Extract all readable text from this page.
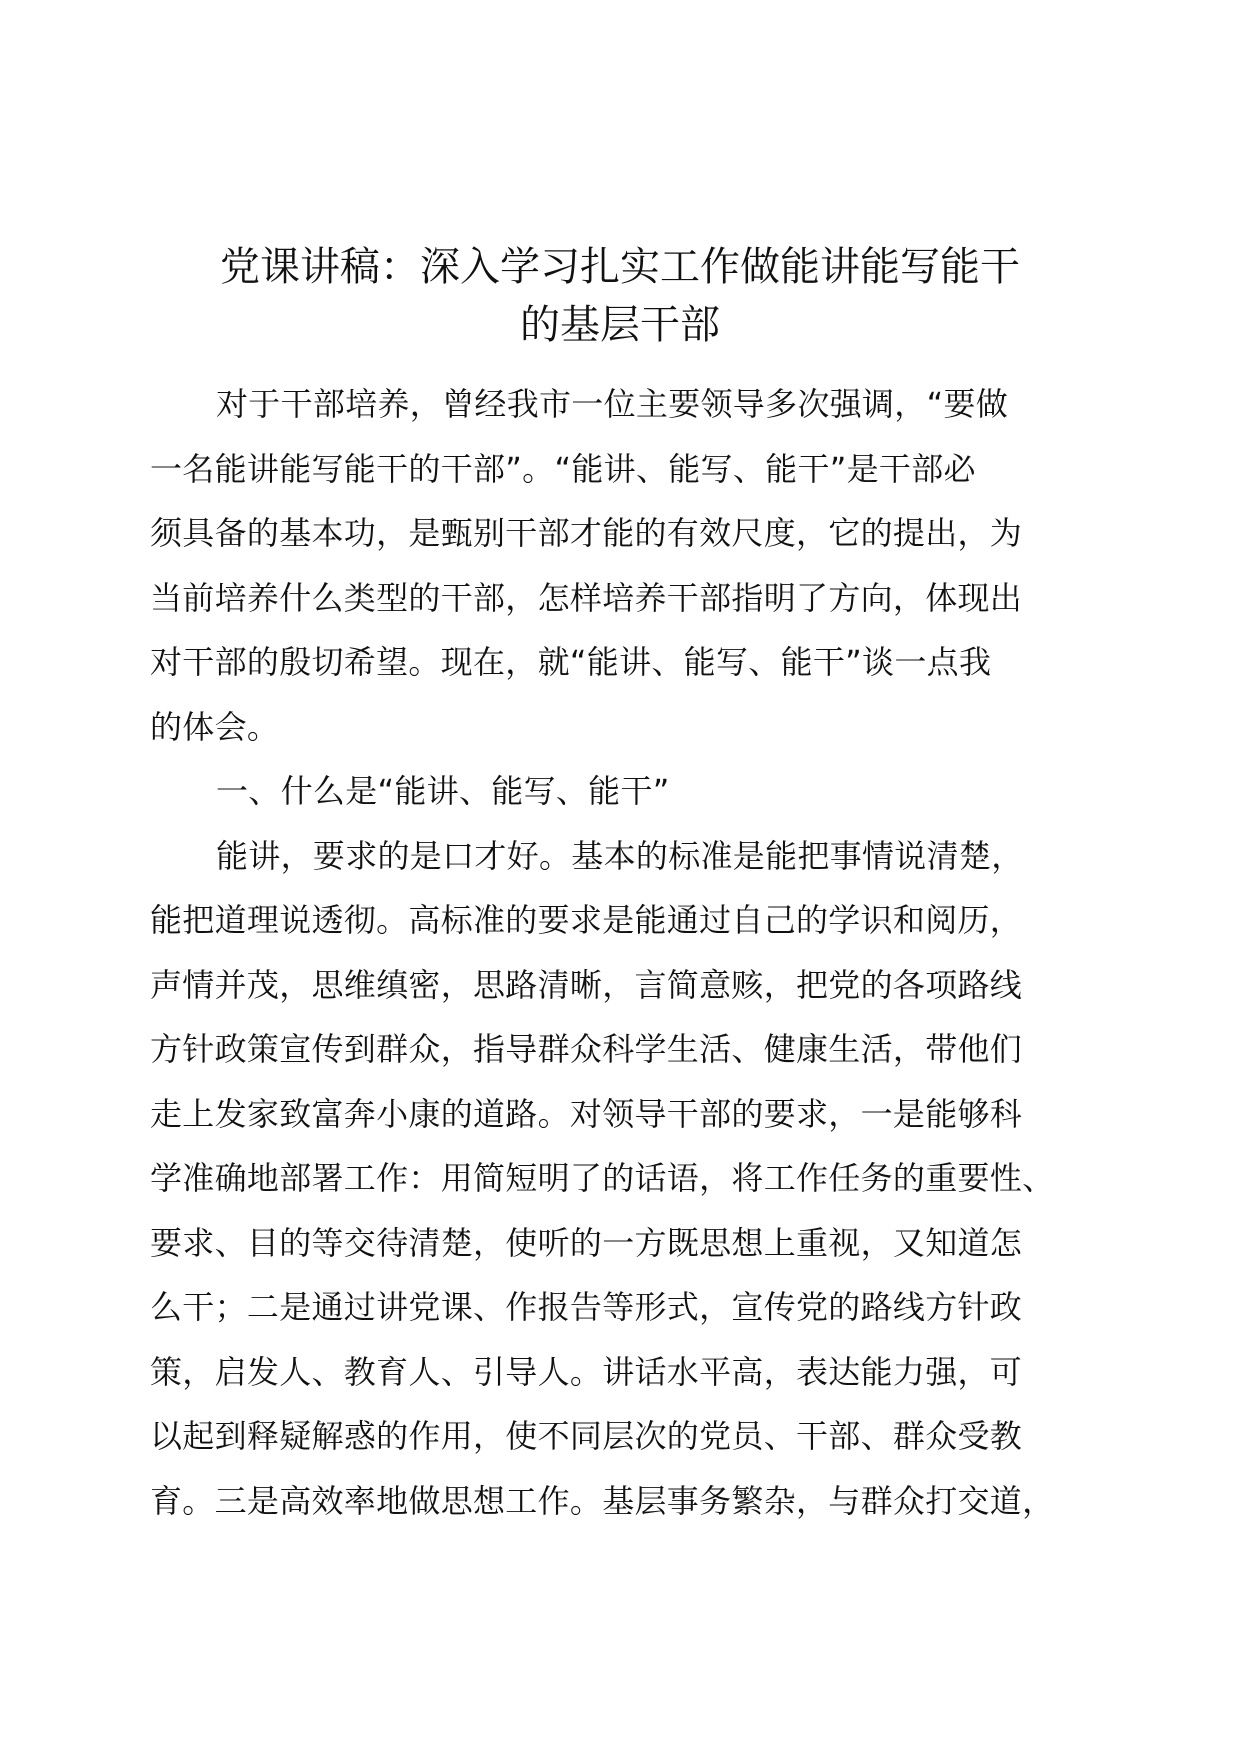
党课讲稿：深入学习扎实工作做能讲能写能干
的基层干部
对于干部培养，曾经我市一位主要领导多次强调，“要做
一名能讲能写能干的干部”。“能讲、能写、能干”是干部必
须具备的基本功，是甄别干部才能的有效尺度，它的提出，为
当前培养什么类型的干部，怎样培养干部指明了方向，体现出
对干部的殷切希望。现在，就“能讲、能写、能干”谈一点我
的体会。
一、什么是“能讲、能写、能干”
能讲，要求的是口才好。基本的标准是能把事情说清楚，
能把道理说透彻。高标准的要求是能通过自己的学识和阅历，
声情并茂，思维缜密，思路清晰，言简意赅，把党的各项路线
方针政策宣传到群众，指导群众科学生活、健康生活，带他们
走上发家致富奔小康的道路。对领导干部的要求，一是能够科
学准确地部署工作：用简短明了的话语，将工作任务的重要性、
要求、目的等交待清楚，使听的一方既思想上重视，又知道怎
么干；二是通过讲党课、作报告等形式，宣传党的路线方针政
策，启发人、教育人、引导人。讲话水平高，表达能力强，可
以起到释疑解惑的作用，使不同层次的党员、干部、群众受教
育。三是高效率地做思想工作。基层事务繁杂，与群众打交道，
